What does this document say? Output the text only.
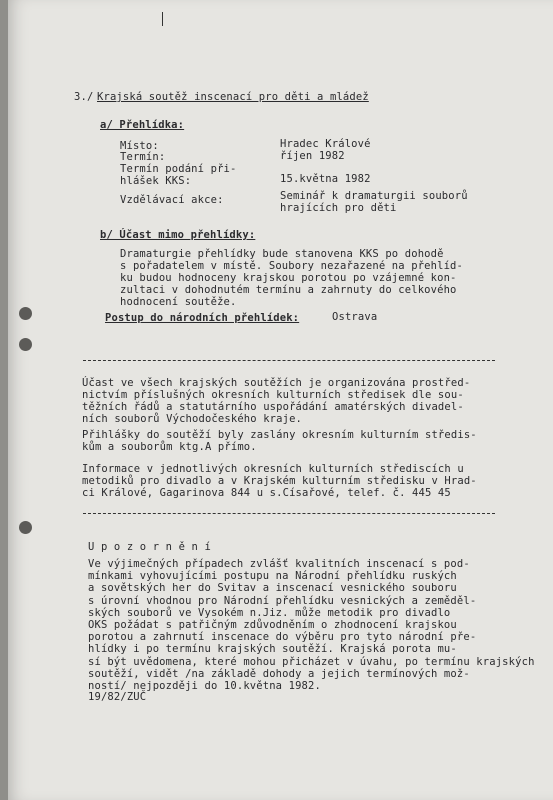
3./ Krajská soutěž inscenací pro děti a mládež
a/ Přehlídka:
Místo:	Hradec Králové
Termín:	říjen 1982
Termín podání při-
hlášek KKS:	15.května 1982
Vzdělávací akce:	Seminář k dramaturgii souborů
hrajících pro děti
b/ Účast mimo přehlídky:
Dramaturgie přehlídky bude stanovena KKS po dohodě
s pořadatelem v místě. Soubory nezařazené na přehlíd-
ku budou hodnoceny krajskou porotou po vzájemné kon-
zultaci v dohodnutém termínu a zahrnuty do celkového
hodnocení soutěže.
Postup do národních přehlídek:	Ostrava
Účast ve všech krajských soutěžích je organizována prostřed-
nictvím příslušných okresních kulturních středisek dle sou-
těžních řádů a statutárního uspořádání amatérských divadel-
ních souborů Východočeského kraje.
Přihlášky do soutěží byly zaslány okresním kulturním středis-
kům a souborům ktg.A přímo.
Informace v jednotlivých okresních kulturních střediscích u
metodiků pro divadlo a v Krajském kulturním středisku v Hrad-
ci Králové, Gagarinova 844 u s.Císařové, telef. č. 445 45
U p o z o r n ě n í
Ve výjimečných případech zvlášť kvalitních inscenací s pod-
mínkami vyhovujícími postupu na Národní přehlídku ruských
a sovětských her do Svitav a inscenací vesnického souboru
s úrovní vhodnou pro Národní přehlídku vesnických a zeměděl-
ských souborů ve Vysokém n.Jiz. může metodik pro divadlo
OKS požádat s patřičným zdůvodněním o zhodnocení krajskou
porotou a zahrnutí inscenace do výběru pro tyto národní pře-
hlídky i po termínu krajských soutěží. Krajská porota mu-
sí být uvědomena, které mohou přicházet v úvahu, po termínu krajských
soutěží, vidět /na základě dohody a jejich termínových mož-
ností/ nejpozději do 10.května 1982.
19/82/ZUČ
